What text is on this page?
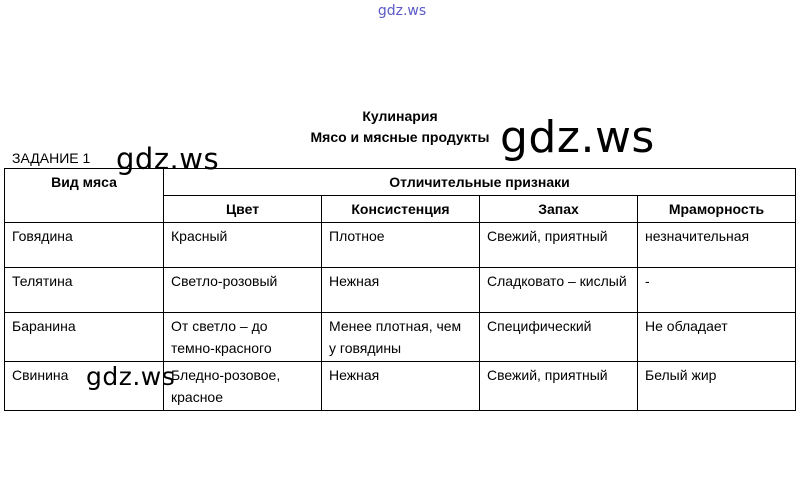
gdz.ws
Кулинария
Мясо и мясные продукты
ЗАДАНИЕ 1
Вид мяса	Отличительные признаки			
	Цвет	Консистенция	Запах	Мраморность
Говядина	Красный	Плотное	Свежий, приятный	незначительная
Телятина	Светло-розовый	Нежная	Сладковато – кислый	-
Баранина	От светло – до темно-красного	Менее плотная, чем у говядины	Специфический	Не обладает
Свинина	Бледно-розовое, красное	Нежная	Свежий, приятный	Белый жир
gdz.ws
gdz.ws
gdz.ws
